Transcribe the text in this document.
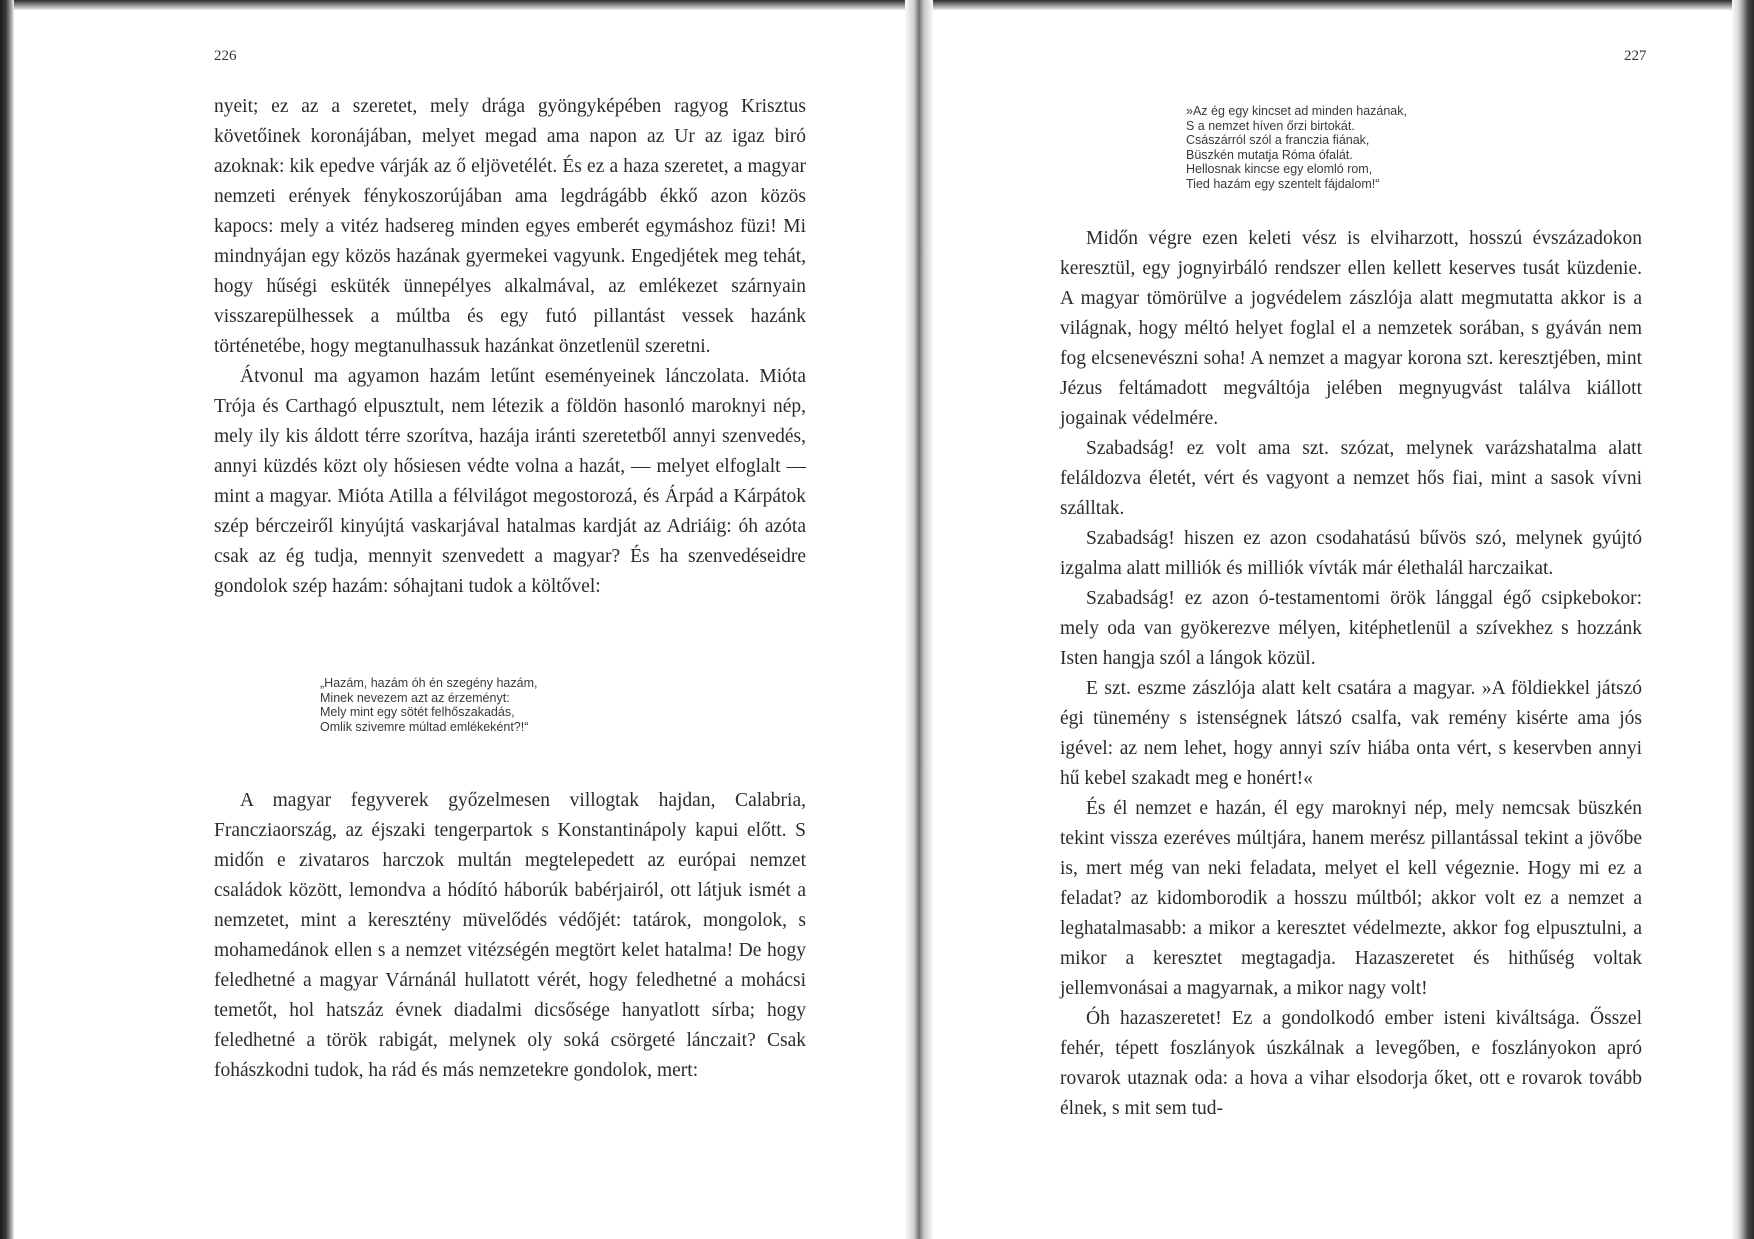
226

nyeit; ez az a szeretet, mely drága gyöngyképében ragyog Krisztus követőinek koronájában, melyet megad ama napon az Ur az igaz biró azoknak: kik epedve várják az ő eljövetélét. És ez a haza szeretet, a magyar nemzeti erények fénykoszorújában ama legdrágább ékkő azon közös kapocs: mely a vitéz hadsereg minden egyes emberét egymáshoz füzi! Mi mindnyájan egy közös hazának gyermekei vagyunk. Engedjétek meg tehát, hogy hűségi esküték ünnepélyes alkalmával, az emlékezet szárnyain visszarepülhessek a múltba és egy futó pillantást vessek hazánk történetébe, hogy megtanulhassuk hazánkat önzetlenül szeretni.

Átvonul ma agyamon hazám letűnt eseményeinek lánczolata. Mióta Trója és Carthagó elpusztult, nem létezik a földön hasonló maroknyi nép, mely ily kis áldott térre szorítva, hazája iránti szeretetből annyi szenvedés, annyi küzdés közt oly hősiesen védte volna a hazát, — melyet elfoglalt — mint a magyar. Mióta Atilla a félvilágot megostorozá, és Árpád a Kárpátok szép bérczeiről kinyújtá vaskarjával hatalmas kardját az Adriáig: óh azóta csak az ég tudja, mennyit szenvedett a magyar? És ha szenvedéseidre gondolok szép hazám: sóhajtani tudok a költővel:

„Hazám, hazám óh én szegény hazám,
Minek nevezem azt az érzeményt:
Mely mint egy sötét felhőszakadás,
Omlik szivemre múltad emlékeként?!“

A magyar fegyverek győzelmesen villogtak hajdan, Calabria, Francziaország, az éjszaki tengerpartok s Konstantinápoly kapui előtt. S midőn e zivataros harczok multán megtelepedett az európai nemzet családok között, lemondva a hódító háborúk babérjairól, ott látjuk ismét a nemzetet, mint a keresztény müvelődés védőjét: tatárok, mongolok, s mohamedánok ellen s a nemzet vitézségén megtört kelet hatalma! De hogy feledhetné a magyar Várnánál hullatott vérét, hogy feledhetné a mohácsi temetőt, hol hatszáz évnek diadalmi dicsősége hanyatlott sírba; hogy feledhetné a török rabigát, melynek oly soká csörgeté lánczait? Csak fohászkodni tudok, ha rád és más nemzetekre gondolok, mert:

227
»Az ég egy kincset ad minden hazának,
S a nemzet híven őrzi birtokát.
Császárról szól a franczia fiának,
Büszkén mutatja Róma ófalát.
Hellosnak kincse egy elomló rom,
Tied hazám egy szentelt fájdalom!“

Midőn végre ezen keleti vész is elviharzott, hosszú évszázadokon keresztül, egy jognyirbáló rendszer ellen kellett keserves tusát küzdenie. A magyar tömörülve a jogvédelem zászlója alatt megmutatta akkor is a világnak, hogy méltó helyet foglal el a nemzetek sorában, s gyáván nem fog elcsenevészni soha! A nemzet a magyar korona szt. keresztjében, mint Jézus feltámadott megváltója jelében megnyugvást találva kiállott jogainak védelmére.

Szabadság! ez volt ama szt. szózat, melynek varázshatalma alatt feláldozva életét, vért és vagyont a nemzet hős fiai, mint a sasok vívni szálltak.

Szabadság! hiszen ez azon csodahatású bűvös szó, melynek gyújtó izgalma alatt milliók és milliók vívták már élethalál harczaikat.

Szabadság! ez azon ó-testamentomi örök lánggal égő csipkebokor: mely oda van gyökerezve mélyen, kitéphetlenül a szívekhez s hozzánk Isten hangja szól a lángok közül.

E szt. eszme zászlója alatt kelt csatára a magyar. »A földiekkel játszó égi tünemény s istenségnek látszó csalfa, vak remény kisérte ama jós igével: az nem lehet, hogy annyi szív hiába onta vért, s keservben annyi hű kebel szakadt meg e honért!«

És él nemzet e hazán, él egy maroknyi nép, mely nemcsak büszkén tekint vissza ezeréves múltjára, hanem merész pillantással tekint a jövőbe is, mert még van neki feladata, melyet el kell végeznie. Hogy mi ez a feladat? az kidomborodik a hosszu múltból; akkor volt ez a nemzet a leghatalmasabb: a mikor a keresztet védelmezte, akkor fog elpusztulni, a mikor a keresztet megtagadja. Hazaszeretet és hithűség voltak jellemvonásai a magyarnak, a mikor nagy volt!

Óh hazaszeretet! Ez a gondolkodó ember isteni kiváltsága. Ősszel fehér, tépett foszlányok úszkálnak a levegőben, e foszlányokon apró rovarok utaznak oda: a hova a vihar elsodorja őket, ott e rovarok tovább élnek, s mit sem tud-
